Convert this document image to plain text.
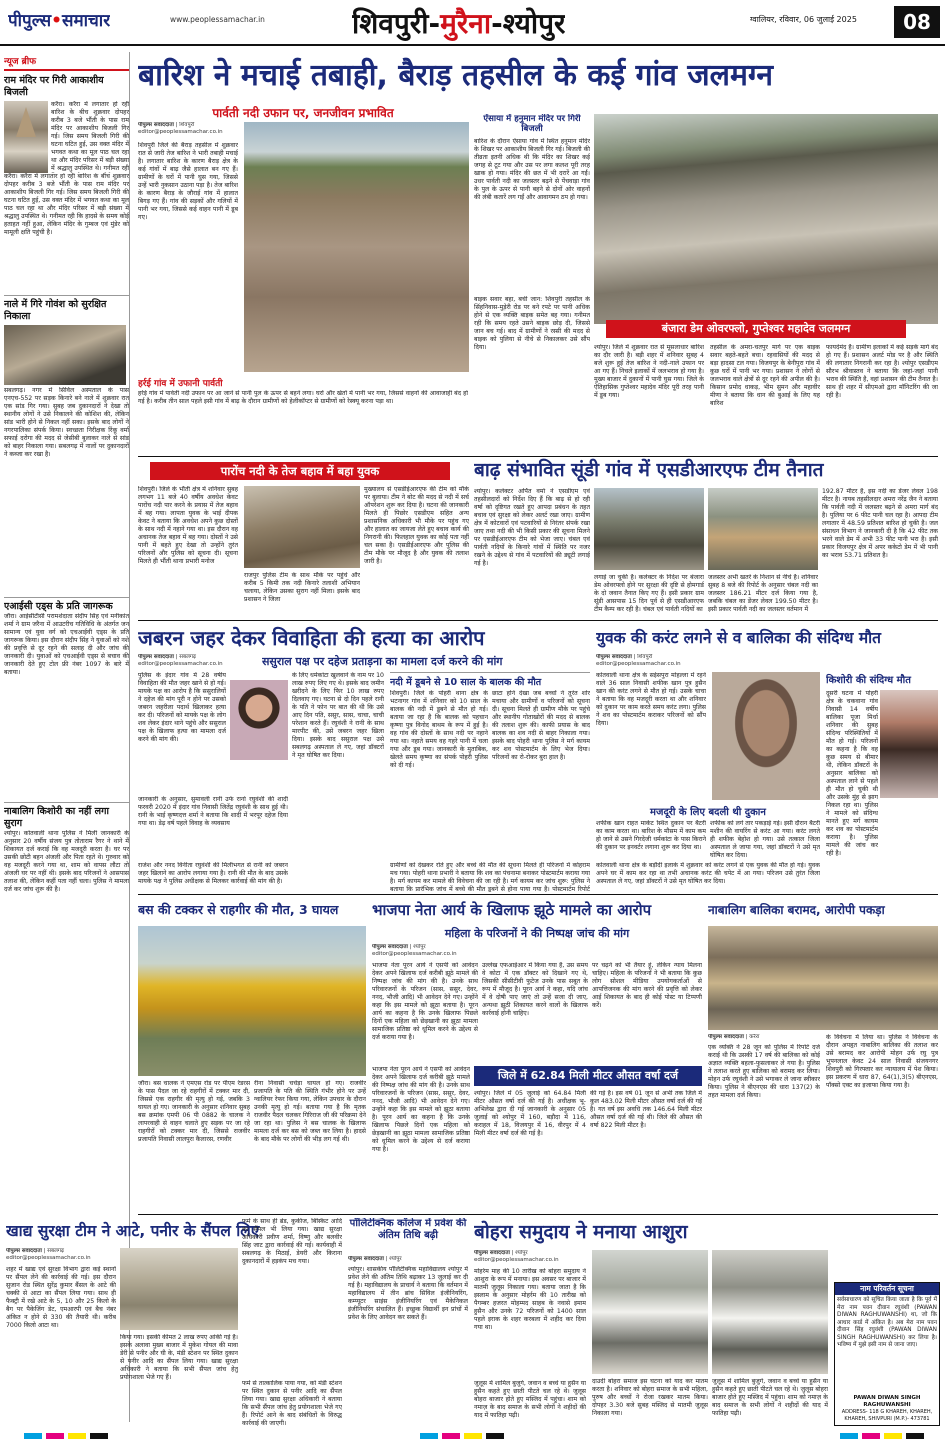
पीपुल्स•समाचार	www.peoplessamachar.in	शिवपुरी-मुरैना-श्योपुर	ग्वालियर, रविवार, 06 जुलाई 2025	08
न्यूज ब्रीफ
राम मंदिर पर गिरी आकाशीय बिजली
करैरा। करैरा में लगातार हो रही बारिश के बीच शुक्रवार दोपहर करीब 3 बजे भौंती के पास राम मंदिर पर आकाशीय बिजली गिर गई। जिस समय बिजली गिरी की घटना घटित हुई, उस वक्त मंदिर में भगवत कथा का मूल पाठ चल रहा था और मंदिर परिसर में बड़ी संख्या में श्रद्धालु उपस्थित थे। गनीमत रही
करैरा। करैरा में लगातार हो रही बारिश के बीच शुक्रवार दोपहर करीब 3 बजे भौंती के पास राम मंदिर पर आकाशीय बिजली गिर गई। जिस समय बिजली गिरी की घटना घटित हुई, उस वक्त मंदिर में भगवत कथा का मूल पाठ चल रहा था और मंदिर परिसर में बड़ी संख्या में श्रद्धालु उपस्थित थे। गनीमत रही कि हादसे के समय कोई हताहत नहीं हुआ, लेकिन मंदिर के गुम्बज एवं मुंडेर को मामूली क्षति पहुंची है।
नाले में गिरे गोवंश को सुरक्षित निकाला
सबलगढ़। नगर में सिविल अस्पताल के पास एनएच-552 पर सड़क किनारे बने नाले में शुक्रवार रात एक सांड गिर गया। सुबह जब दुकानदारों ने देखा तो स्थानीय लोगों ने उसे निकालने की कोशिश की, लेकिन सांड भारी होने से निकल नहीं सका। इसके बाद लोगों ने नगरपालिका संपर्क किया। स्वच्छता निरीक्षक रिंकू वर्मा सफाई दरोगा की मदद से जेसीबी बुलाकर नाले से सांड को बाहर निकाला गया। सबलगढ़ में नालों पर दुकानदारों ने कब्जा कर रखा है।
एआईसी एड्स के प्रति जागरूक
जौरा। आईसीटीसी परामर्शदाता संदीप सिंह एवं मनीकांत शर्मा ने ग्राम जरैना में आउटरीच गतिविधि के अंतर्गत जन सामान्य एवं युवा वर्ग को एचआईवी एड्स के प्रति जागरूक किया। इस दौरान संदीप सिंह ने युवाओं को नशे की प्रवृत्ति से दूर रहने की सलाह दी और जांच की जानकारी दी। युवाओं को एचआईवी एड्स से बचाव की जानकारी देते हुए टोल फ्री नंबर 1097 के बारे में बताया।
नाबालिग किशोरी का नहीं लगा सुराग
श्योपुर। कोतवाली थाना पुलिस ने मिली जानकारी के अनुसार 20 वर्षीय संजय पुत्र तोताराम रैगर ने थाने में शिकायत दर्ज कराई कि वह मजदूरी करता है। घर पर उसकी छोटी बहन अंजली और पिता रहते थे। गुरुवार को वह मजदूरी करने गया था, शाम को वापस लौटा तो अंजली घर पर नहीं थी। इसके बाद परिजनों ने आसपास तलाश की, लेकिन कहीं पता नहीं चला। पुलिस ने मामला दर्ज कर जांच शुरू की है।
बारिश ने मचाई तबाही, बैराड़ तहसील के कई गांव जलमग्न
पार्वती नदी उफान पर, जनजीवन प्रभावित
पीपुल्स संवाददाता | शिवपुरी
editor@peoplessamachar.co.in
शिवपुरी जिले की बैराड़ तहसील में शुक्रवार रात से जारी तेज बारिश ने भारी तबाही मचाई है। लगातार बारिश के कारण बैराड़ क्षेत्र के कई गांवों में बाढ़ जैसे हालात बन गए हैं। ग्रामीणों के घरों में पानी घुस गया, जिससे उन्हें भारी नुकसान उठाना पड़ा है। तेज बारिश के कारण बैराड़ के जौराई गांव में हालात बिगड़ गए हैं। गांव की सड़कों और गलियों में पानी भर गया, जिससे कई वाहन पानी में डूब गए।
हर्रई गांव में उफानी पार्वती
हर्रई गांव में पार्वती नदी उफान पर आ जाने से पानी पुल के ऊपर से बहने लगा। घरों और खेतों में पानी भर गया, जिससे वाहनों की आवाजाही बंद हो गई है। करीब तीन साल पहले इसी गांव में बाढ़ के दौरान ग्रामीणों को हेलीकॉप्टर से ग्रामीणों को रेस्क्यू करना पड़ा था।
ऐंसाया में हनुमान मंदिर पर गिरी बिजली
बारिश के दौरान ऐंसाया गांव में स्थित हनुमान मंदिर के शिखर पर आकाशीय बिजली गिर गई। बिजली की तीव्रता इतनी अधिक थी कि मंदिर का शिखर कई जगह से टूट गया और उस पर लगा कलश पूरी तरह खाक हो गया। मंदिर की छत में भी दरारें आ गईं। उधर पार्वती नदी का जलस्तर बढ़ने से पेंचवाड़ा गांव के पुल के ऊपर से पानी बहने से दोनों ओर वाहनों की लंबी कतारें लग गईं और आवागमन ठप हो गया।
बाइक सवार बहा, बची जान: शिवपुरी तहसील के सिंहनिवास-मुड़ेरी रोड पर बने रपटे पर पानी अधिक होने से एक व्यक्ति बाइक समेत बह गया। गनीमत रही कि समय रहते उसने बाइक छोड़ दी, जिससे जान बच गई। बाद में ग्रामीणों ने रस्सी की मदद से बाइक को पुलिया से नीचे से निकालकर उसे सौंप दिया।
बंजारा डेम ओवरफ्लो, गुप्तेश्वर महादेव जलमग्न
श्योपुर। जिले में शुक्रवार रात से मूसलाधार बारिश का दौर जारी है। बड़ी शहर में शनिवार सुबह 4 बजे शुरू हुई तेज बारिश ने नदी-नाले उफान पर आ गए हैं। निचले इलाकों में जलभराव हो गया है। मुख्य बाजार में दुकानों में पानी घुस गया। जिले के ऐतिहासिक गुप्तेश्वर महादेव मंदिर पूरी तरह पानी में डूब गया।
तहसील के अमरा-चतपुर मार्ग पर एक बाइक सवार बहते-बहते बचा। रहवासियों की मदद से बड़ा हादसा टल गया। विजयपुर के बेनीपुरा गांव में कुछ घरों में पानी भर गया। प्रशासन ने लोगों से जलभराव वाले क्षेत्रों से दूर रहने की अपील की है। किसान प्रमोद धाकड़, भीम सुमन और महावीर मीणा ने बताया कि धान की बुआई के लिए यह बारिश
फायदेमंद है। ग्रामीण इलाकों में कई सड़कें मार्ग बंद हो गए हैं। प्रशासन अलर्ट मोड पर है और स्थिति की लगातार निगरानी कर रहा है। श्योपुर एसडीएम सौरभ श्रीवास्तव ने बताया कि जहां-जहां पानी भराव की स्थिति है, वहां प्रशासन की टीम तैनात है। साथ ही शहर में सीएमओ द्वारा मॉनिटरिंग की जा रही है।
पारोंच नदी के तेज बहाव में बहा युवक
शिवपुरी। जिले के भौंती क्षेत्र में शनिवार सुबह लगभग 11 बजे 40 वर्षीय अवधेश केवट पारोंच नदी पार करने के प्रयास में तेज बहाव में बह गया। लापता युवक के भाई दीपक केवट ने बताया कि अवधेश अपने कुछ दोस्तों के साथ नदी में नहाने गया था। इस दौरान वह अचानक तेज बहाव में बह गया। दोस्तों ने उसे पानी में बहते हुए देखा तो उन्होंने तुरंत परिजनों और पुलिस को सूचना दी। सूचना मिलते ही भौंती थाना प्रभारी मनोज
राजपुर पुलिस टीम के साथ मौके पर पहुंचे और करीब 5 किमी तक नदी किनारे तलाशी अभियान चलाया, लेकिन उसका सुराग नहीं मिला। इसके बाद प्रशासन ने जिला
मुख्यालय से एसडीईआरएफ की टीम को मौके पर बुलाया। टीम ने बोट की मदद से नदी में सर्च ऑपरेशन शुरू कर दिया है। घटना की जानकारी मिलते ही पिछोर एसडीएम सहित अन्य प्रशासनिक अधिकारी भी मौके पर पहुंच गए और हालात का जायजा लेते हुए बचाव कार्य की निगरानी की। फिलहाल युवक का कोई पता नहीं चल सका है। एसडीईआरएफ और पुलिस की टीम मौके पर मौजूद है और युवक की तलाश जारी है।
बाढ़ संभावित सूंडी गांव में एसडीआरएफ टीम तैनात
श्योपुर। कलेक्टर अर्पित वर्मा ने एसडीएम एवं तहसीलदारों को निर्देश दिए हैं कि बाढ़ से हो रही वर्षा को दृष्टिगत रखते हुए आपदा प्रबंधन के तहत बचाव एवं सुरक्षा को लेकर अलर्ट रखा जाए। ग्रामीण क्षेत्र में कोटवारों एवं पटवारियों से निरंतर संपर्क रखा जाए तथा नदी की भी किसी प्रकार की सूचना मिलने पर एसडीईआरएफ टीम को भेजा जाए। चंबल एवं पार्वती नदियों के किनारे गांवों में स्थिति पर नजर रखने के उद्देश्य से गांव में पटवारियों की ड्यूटी लगाई गई है।
लगाई जा चुकी है। कलेक्टर के निर्देश पर बंजारा डेम ओवरफ्लो होने पर सुरक्षा की दृष्टि से होमगार्ड के दो जवान तैनात किए गए हैं। इसी प्रकार ग्राम सूंडी आसपास 15 दिन पूर्व से ही एसडीआरएफ टीम कैम्प कर रही है। चंबल एवं पार्वती नदियों का
जलस्तर अभी खतरे के निशान से नीचे है। शनिवार सुबह 8 बजे की रिपोर्ट के अनुसार चंबल नदी का जलस्तर 186.21 मीटर दर्ज किया गया है, जबकि चंबल का डेंजर लेवल 199.50 मीटर है। इसी प्रकार पार्वती नदी का जलस्तर वर्तमान में
192.87 मीटर है, इस नदी का डेंजर लेवल 198 मीटर है। नायब तहसीलदार अमरा नरेंद्र जैन ने बताया कि पार्वती नदी में जलस्तर बढ़ने से अमरा मार्ग बंद है। पुलिया पर 6 फीट पानी चल रहा है। आपदा टीम लगातार में 48.59 प्रतिशत बारिश हो चुकी है। जल संसाधन विभाग ने जानकारी दी है कि 42 फीट तक भरने वाले डेम में अभी 33 फीट पानी भरा है। इसी प्रकार विजयपुर क्षेत्र में अपर ककेटो डेम में भी पानी का भराव 53.71 प्रतिशत है।
जबरन जहर देकर विवाहिता की हत्या का आरोप
पीपुल्स संवाददाता | सबलगढ़
editor@peoplessamachar.co.in	ससुराल पक्ष पर दहेज प्रताड़ना का मामला दर्ज करने की मांग
पुलिस के इंदार गांव में 28 वर्षीय विवाहिता की मौत जहर खाने से हो गई। मायके पक्ष का आरोप है कि ससुरालियों ने दहेज की मांग पूरी न होने पर उसको जबरन जहरीला पदार्थ खिलाकर हत्या कर दी। परिजनों को मायके पक्ष के लोग शव लेकर इंदार थाने पहुंचे और ससुराल पक्ष के खिलाफ हत्या का मामला दर्ज करने की मांग की।
जानकारी के अनुसार, सुमावली रानी उर्फ रानो रघुवंशी की शादी फरवरी 2020 में इंदार गांव निवासी जितेंद्र रघुवंशी के साथ हुई थी। रानी के भाई कृष्णदत्त शर्मा ने बताया कि शादी में भरपूर दहेज दिया गया था। डेढ़ वर्ष पहले विवाह के व्यवसाय
के लिए धर्मकांटा खुलवाने के नाम पर 10 लाख रुपए लिए गए थे। इसके बाद जमीन खरीदने के लिए फिर 10 लाख रुपए दिलवाए गए। घटना से दो दिन पहले रानी के पति ने फोन पर बात की थी कि उसे आए दिन पति, ससुर, सास, चाचा, चाची परेशान करते हैं। रघुवंशी ने रानी के साथ मारपीट की, उसे जबरन जहर खिला दिया। इसके बाद ससुराल पक्ष उसे सबलगढ़ अस्पताल ले गए, जहां डॉक्टरों ने मृत घोषित कर दिया।
नदी में डूबने से 10 साल के बालक की मौत
शिवपुरी। जिले के पोहरी थाना क्षेत्र के भटनागर गांव में शनिवार को 10 साल के बालक की नदी में डूबने से मौत हो गई। बताया जा रहा है कि बालक को पहचान कृष्णा पुत्र विनोद बाथम के रूप में हुई है। वह गांव की दोस्तों के साथ नदी पर नहाने गया था। नहाते समय वह गहरे पानी में चला गया और डूब गया। जानकारी के मुताबिक, खेलते समय कृष्णा का संपर्क पोहरी पुलिस को दी गई।
छाटा होने देखा जब बच्चों ने तुरंत शोर मचाया और ग्रामीणों व परिजनों को सूचना दी। सूचना मिलते ही ग्रामीण मौके पर पहुंचे और स्थानीय गोताखोरों की मदद से बालक की तलाश शुरू की। काफी प्रयास के बाद बालक का शव नदी से बाहर निकाला गया। इसके बाद पोहरी थाना पुलिस ने मर्ग कायम कर शव पोस्टमार्टम के लिए भेज दिया। परिजनों का रो-रोकर बुरा हाल है।
युवक की करंट लगने से व बालिका की संदिग्ध मौत
पीपुल्स संवाददाता | शिवपुरी
editor@peoplessamachar.co.in
कोतवाली थाना क्षेत्र के सईसपुरा मोहल्ला में रहने वाले 36 साल निवासी शफीक खान पुत्र हुसैन खान की करंट लगने से मौत हो गई। उसके चाचा ने बताया कि वह मजदूरी करता था और शनिवार को दुकान पर काम करते समय करंट लगा। पुलिस ने शव का पोस्टमार्टम कराकर परिजनों को सौंप दिया।
मजदूरी के लिए बदली थी दुकान
शफीक खान राहत मार्केट स्थित दुकान पर बैटरी का काम करता था। बारिश के मौसम में काम कम हो जाने से उसने गिरदेजी धर्मकांटा के पास किराने की दुकान पर इनवर्टर लगाना शुरू कर दिया था।
शफीक को लगे तार पकड़ाई गई। इसी दौरान बैटरी मशीन की वायरिंग से करंट आ गया। करंट लगते ही शफीक बेहोश हो गया। उसे तत्काल जिला अस्पताल ले जाया गया, जहां डॉक्टरों ने उसे मृत घोषित कर दिया।
किशोरी की संदिग्ध मौत
दूसरी घटना में पोहरी क्षेत्र के चकवाना गांव निवासी 14 वर्षीय बालिका पूजा मिर्धा शनिवार की सुबह संदिग्ध परिस्थितियों में मौत हो गई। परिजनों का कहना है कि वह कुछ समय से बीमार थी, लेकिन डॉक्टरों के अनुसार बालिका को अस्पताल लाने से पहले ही मौत हो चुकी थी और उसके मुंह से झाग निकल रहा था। पुलिस ने मामले को संदिग्ध मानते हुए मर्ग कायम कर शव का पोस्टमार्टम कराया है। पुलिस मामले की जांच कर रही है।
बस की टक्कर से राहगीर की मौत, 3 घायल
जौरा। बस चालक ने एमएस रोड पर पीएम रेडरस के पास पैदल जा रहे राहगीरों में टक्कर मार दी, जिससे एक राहगीर की मृत्यु हो गई, जबकि 3 घायल हो गए। जानकारी के अनुसार शनिवार सुबह बस क्रमांक एमपी 06 पी 0882 के चालक ने लापरवाही से वाहन चलाते हुए सड़क पर जा रहे राहगीरों को टक्कर मार दी, जिससे राजवीर प्रजापति निवासी लालपुरा कैलारस, रणवीर
रीना निवासी चचेड़ा घायल हो गए। राजवीर प्रजापति के पति की स्थिति गंभीर होने पर उन्हें ग्वालियर रेफर किया गया, लेकिन उपचार के दौरान उनकी मृत्यु हो गई। बताया गया है कि मृतक राजवीर पैदल चलकर गिरिराज जी की परिक्रमा देने जा रहा था। पुलिस ने बस चालक के खिलाफ मामला दर्ज कर बस को जब्त कर लिया है। हादसे के बाद मौके पर लोगों की भीड़ लग गई थी।
भाजपा नेता आर्य के खिलाफ झूठे मामले का आरोप
महिला के परिजनों ने की निष्पक्ष जांच की मांग
पीपुल्स संवाददाता | श्योपुर
editor@peoplessamachar.co.in
भाजपा नेता पूरन आर्य ने एसपी को आवेदन देकर अपने खिलाफ दर्ज करीबी झूठे मामले की निष्पक्ष जांच की मांग की है। उनके साथ परिवारजनों के परिजन (सास, ससुर, देवर, ननद, भौजी आदि) भी आवेदन देने गए। उन्होंने कहा कि इस मामले को झूठा बताया है। पूरन आर्य का कहना है कि उनके खिलाफ पिछले दिनों एक महिला को छेड़खानी का झूठा मामला सामाजिक प्रतिष्ठा को धूमिल करने के उद्देश्य से दर्ज कराया गया है।
उल्लेख एफआईआर में किया गया है, उस समय वे कोटा में एक डॉक्टर को दिखाने गए थे, जिसकी सीसीटीवी फुटेज उनके पास सबूत के रूप में मौजूद है। पूरन आर्य ने कहा, यदि जांच में वे दोषी पाए जाएं तो उन्हें सजा दी जाए, अन्यथा झूठी शिकायत करने वालों के खिलाफ कार्रवाई होनी चाहिए।
पर चढ़ने को भी तैयार हूं, लेकिन न्याय मिलना चाहिए। महिला के परिजनों ने भी बताया कि कुछ लोग सोशल मीडिया उपयोगकर्ताओं से आपत्तिजनक की मांग करने की प्रवृत्ति को लेकर आई शिकायत के बाद ही कोई पोस्ट या टिप्पणी करें।
जिले में 62.84 मिली मीटर औसत वर्षा दर्ज
श्योपुर। जिले में 05 जुलाई को 64.84 मिली मीटर औसत वर्षा दर्ज की गई है। अधीक्षक भू-अभिलेख द्वारा दी गई जानकारी के अनुसार 05 जुलाई को श्योपुर में 160, बड़ौदा में 116, कराहल में 18, विजयपुर में 16, वीरपुर में 4 मिली मीटर वर्षा दर्ज की गई है।
की गई है। इस वर्ष 01 जून से अभी तक जिले में कुल 483.02 मिली मीटर औसत वर्षा दर्ज की गई है। गत वर्ष इस अवधि तक 146.64 मिली मीटर औसत वर्षा दर्ज की गई थी। जिले की औसत की वर्षा 822 मिली मीटर है।
भाजपा नेता पूरन आर्य ने एसपी को आवेदन देकर अपने खिलाफ दर्ज करीबी झूठे मामले की निष्पक्ष जांच की मांग की है। उनके साथ परिवारजनों के परिजन (सास, ससुर, देवर, ननद, भौजी आदि) भी आवेदन देने गए। उन्होंने कहा कि इस मामले को झूठा बताया है। पूरन आर्य का कहना है कि उनके खिलाफ पिछले दिनों एक महिला को छेड़खानी का झूठा मामला सामाजिक प्रतिष्ठा को धूमिल करने के उद्देश्य से दर्ज कराया गया है।
नाबालिग बालिका बरामद, आरोपी पकड़ा
पीपुल्स संवाददाता | करैरा
एक व्यक्ति ने 28 जून को पुलिस में रिपोर्ट दर्ज कराई थी कि उसकी 17 वर्ष की बालिका को कोई अज्ञात व्यक्ति बहला-फुसलाकर ले गया है। पुलिस ने तलाश करते हुए बालिका को बरामद कर लिया। मोहन उर्फ रघुवंशी ने उसे भगाकर ले जाना स्वीकार किया। पुलिस ने बीएनएस की धारा 137(2) के तहत मामला दर्ज किया।
के विवेचना में लिया था। पुलिस ने विवेचना के दौरान अपहृत नाबालिग बालिका की तलाश कर उसे बरामद कर आरोपी मोहन उर्फ रघु पुत्र भूपनलाल केवट 24 साल निवासी संजयनगर शिवपुरी को गिरफ्तार कर न्यायालय में पेश किया। इस प्रकरण में धारा 87, 64(1),3(5) बीएनएस, पॉक्सो एक्ट का इजाफा किया गया है।
खाद्य सुरक्षा टीम ने आटे, पनीर के सैंपल लिए
पीपुल्स संवाददाता | सबलगढ़
editor@peoplessamachar.co.in
शहर में खाद्य एवं सुरक्षा विभाग द्वारा कई स्थानों पर सैंपल लेने की कार्रवाई की गई। इस दौरान सुजान रोड स्थित सुरेंद्र कुमार बैंसल के आटे की चक्की से आटा का सैंपल लिया गया। साथ ही फैक्ट्री में रखे आटे के 5, 10 और 25 किलो के बैग पर पैकेजिंग डेट, एमआरपी एवं बैच नंबर अंकित न होने से 330 की तैयारी थी। करीब 7000 किलो आटा था।
किया गया। इसकी कीमत 2 लाख रुपए आंकी गई है। इसके अलावा मुख्य बाजार में मुकेश गोयल की मावा डेरी से पनीर और घी के, मंडी स्टेशन पर स्थित दुकान से पनीर आदि का सैंपल लिया गया। खाद्य सुरक्षा अधिकारी ने बताया कि सभी सैंपल जांच हेतु प्रयोगशाला भेजे गए हैं।
फर्म के साथ ही ब्रेड, कुकीज, बिस्किट आदि का सैंपल भी लिया गया। खाद्य सुरक्षा अधिकारी प्रवीण शर्मा, विष्णु और बलवीर सिंह जाट द्वारा कार्रवाई की गई। कार्यवाही में सबलगढ़ के मिठाई, डेयरी और किराना दुकानदारों में हड़कंप मच गया।
पॉलिटेक्निक कॉलेज में प्रवेश की अंतिम तिथि बढ़ी
पीपुल्स संवाददाता | श्योपुर
श्योपुर। शासकीय पॉलिटेक्निक महाविद्यालय श्योपुर में प्रवेश लेने की अंतिम तिथि बढ़ाकर 13 जुलाई कर दी गई है। महाविद्यालय के प्राचार्य ने बताया कि वर्तमान में महाविद्यालय में तीन ब्रांच सिविल इंजीनियरिंग, कम्प्यूटर साइंस इंजीनियरिंग एवं मैकेनिकल इंजीनियरिंग संचालित हैं। इच्छुक विद्यार्थी इन प्रांचों में प्रवेश के लिए आवेदन कर सकते हैं।
बोहरा समुदाय ने मनाया आशुरा
पीपुल्स संवाददाता | श्योपुर
editor@peoplessamachar.co.in
मोहर्रम माह की 10 तारीख को बोहरा समुदाय ने आशुरा के रूप में मनाया। इस अवसर पर बाजार में मातमी जुलूस निकाला गया। बताया जाता है कि इस्लाम के अनुसार मोहर्रम की 10 तारीख को पैगम्बर हजरत मोहम्मद साहब के नवासे इमाम हुसैन और उनके 72 परिजनों को 1400 साल पहले इराक के शहर करबला में शहीद कर दिया गया था।
दाउदी बोहरा समाज इस घटना को याद कर मातम करता है। शनिवार को बोहरा समाज के सभी महिला, पुरुष और बच्चों ने रोजा रखकर मातम किया। दोपहर 3.30 बजे सुबह मस्जिद से मातमी जुलूस निकाला गया।
जुलूस में शामिल बुजुर्ग, जवान व बच्चे या हुसैन या हुसैन कहते हुए छाती पीटते चल रहे थे। जुलूस बोहरा बाजार होते हुए मस्जिद में पहुंचा। शाम को नमाज़ के बाद समाज के सभी लोगों ने शहीदों की याद में फातिहा पढ़ी।
नाम परिवर्तन सूचना
सर्वसाधारण को सूचित किया जाता है कि पूर्व में मेरा नाम पवन दीवान रघुवंशी (PAWAN DIWAN RAGHUWANSHI) था, जो कि आधार कार्ड में अंकित है। अब मेरा नाम पवन दीवान सिंह रघुवंशी (PAWAN DIWAN SINGH RAGHUWANSHI) कर लिया है। भविष्य में मुझे इसी नाम से जाना जाए।
PAWAN DIWAN SINGH RAGHUWANSHI
ADDRESS- 118 G KHAREH, KHAREH, KHAREH, SHIVPURI (M.P.)- 473781
ग्रामीणों को देखकर रोते हुए और बच्चे की मौत की सूचना मिलते ही परिजनों में कोहराम मच गया। पोहरी थाना प्रभारी ने बताया कि शव का पंचनामा बनाकर पोस्टमार्टम कराया गया है। मर्ग कायम कर मामले की विवेचना की जा रही है। मर्ग कायम कर जांच शुरू: पुलिस ने बताया कि प्रारंभिक जांच में बच्चे की मौत डूबने से होना पाया गया है। पोस्टमार्टम रिपोर्ट
राजेश और ननद विनीता रघुवंशी की मिलीभगत से रानी को जबरन जहर खिलाने का आरोप लगाया गया है। रानी की मौत के बाद उसके मायके पक्ष ने पुलिस अधीक्षक से मिलकर कार्रवाई की मांग की है।
कोतवाली थाना क्षेत्र के बड़ौदी इलाके में शुक्रवार को करंट लगने से एक युवक की मौत हो गई। युवक अपने घर में काम कर रहा था तभी अचानक करंट की चपेट में आ गया। परिजन उसे तुरंत जिला अस्पताल ले गए, जहां डॉक्टरों ने उसे मृत घोषित कर दिया।
फर्म से तात्कालिक पाया गया, को मंडी स्टेशन पर स्थित दुकान से पनीर आदि का सैंपल लिया गया। खाद्य सुरक्षा अधिकारी ने बताया कि सभी सैंपल जांच हेतु प्रयोगशाला भेजे गए हैं। रिपोर्ट आने के बाद संबंधितों के विरुद्ध कार्रवाई की जाएगी।
जुलूस में शामिल बुजुर्ग, जवान व बच्चे या हुसैन या हुसैन कहते हुए छाती पीटते चल रहे थे। जुलूस बोहरा बाजार होते हुए मस्जिद में पहुंचा। शाम को नमाज़ के बाद समाज के सभी लोगों ने शहीदों की याद में फातिहा पढ़ी।
